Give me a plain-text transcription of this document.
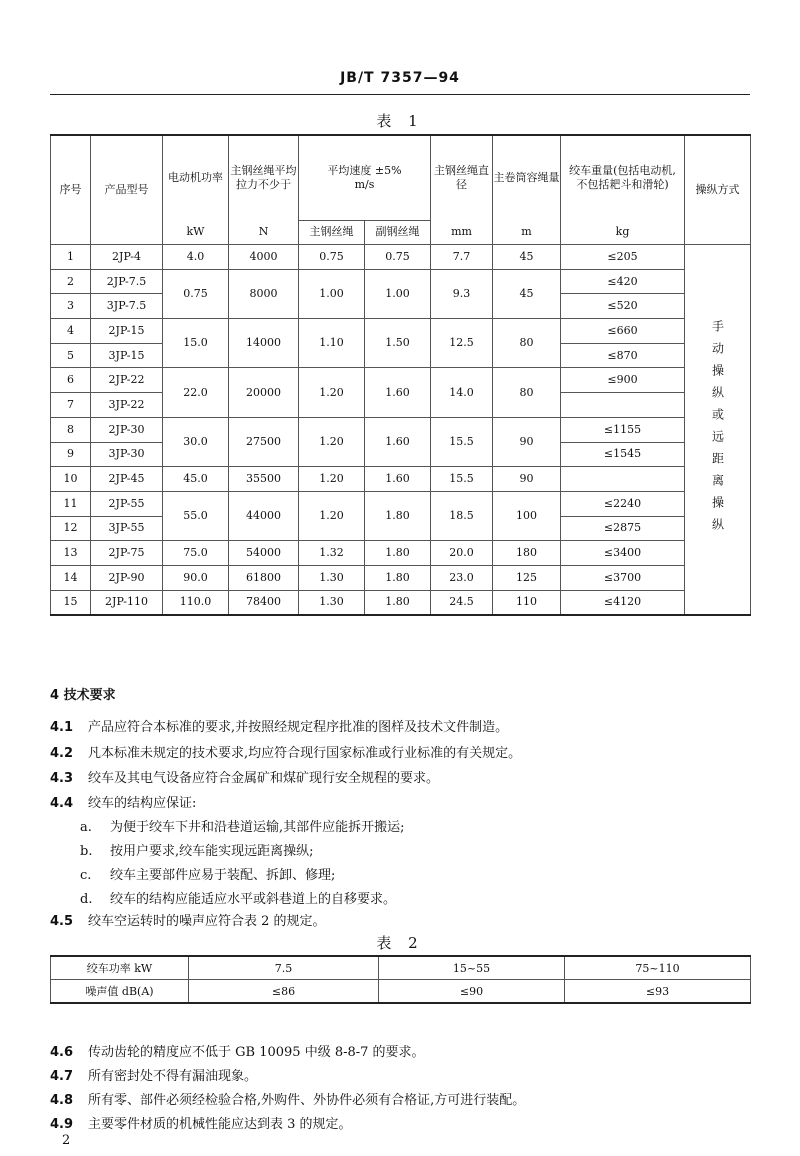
JB/T 7357—94
表 1
序号	产品型号	电动机功率	主钢丝绳平均拉力不少于	平均速度 ±5%
m/s		主钢丝绳直径	主卷筒容绳量	绞车重量(包括电动机,不包括耙斗和滑轮)	操纵方式
		kW	N	主钢丝绳	副钢丝绳	mm	m	kg	
1	2JP-4	4.0	4000	0.75	0.75	7.7	45	≤205	手动操纵或远距离操纵
2	2JP-7.5	0.75	8000	1.00	1.00	9.3	45	≤420	
3	3JP-7.5							≤520	
4	2JP-15	15.0	14000	1.10	1.50	12.5	80	≤660	
5	3JP-15							≤870	
6	2JP-22	22.0	20000	1.20	1.60	14.0	80	≤900	
7	3JP-22								
8	2JP-30	30.0	27500	1.20	1.60	15.5	90	≤1155	
9	3JP-30							≤1545	
10	2JP-45	45.0	35500	1.20	1.60	15.5	90		
11	2JP-55	55.0	44000	1.20	1.80	18.5	100	≤2240	
12	3JP-55							≤2875	
13	2JP-75	75.0	54000	1.32	1.80	20.0	180	≤3400	
14	2JP-90	90.0	61800	1.30	1.80	23.0	125	≤3700	
15	2JP-110	110.0	78400	1.30	1.80	24.5	110	≤4120	
4 技术要求
4.1 产品应符合本标准的要求,并按照经规定程序批准的图样及技术文件制造。
4.2 凡本标准未规定的技术要求,均应符合现行国家标准或行业标准的有关规定。
4.3 绞车及其电气设备应符合金属矿和煤矿现行安全规程的要求。
4.4 绞车的结构应保证:
a. 为便于绞车下井和沿巷道运输,其部件应能拆开搬运;
b. 按用户要求,绞车能实现远距离操纵;
c. 绞车主要部件应易于装配、拆卸、修理;
d. 绞车的结构应能适应水平或斜巷道上的自移要求。
4.5 绞车空运转时的噪声应符合表 2 的规定。
表 2
绞车功率 kW	7.5	15~55	75~110
噪声值 dB(A)	≤86	≤90	≤93
4.6 传动齿轮的精度应不低于 GB 10095 中级 8-8-7 的要求。
4.7 所有密封处不得有漏油现象。
4.8 所有零、部件必须经检验合格,外购件、外协件必须有合格证,方可进行装配。
4.9 主要零件材质的机械性能应达到表 3 的规定。
2
